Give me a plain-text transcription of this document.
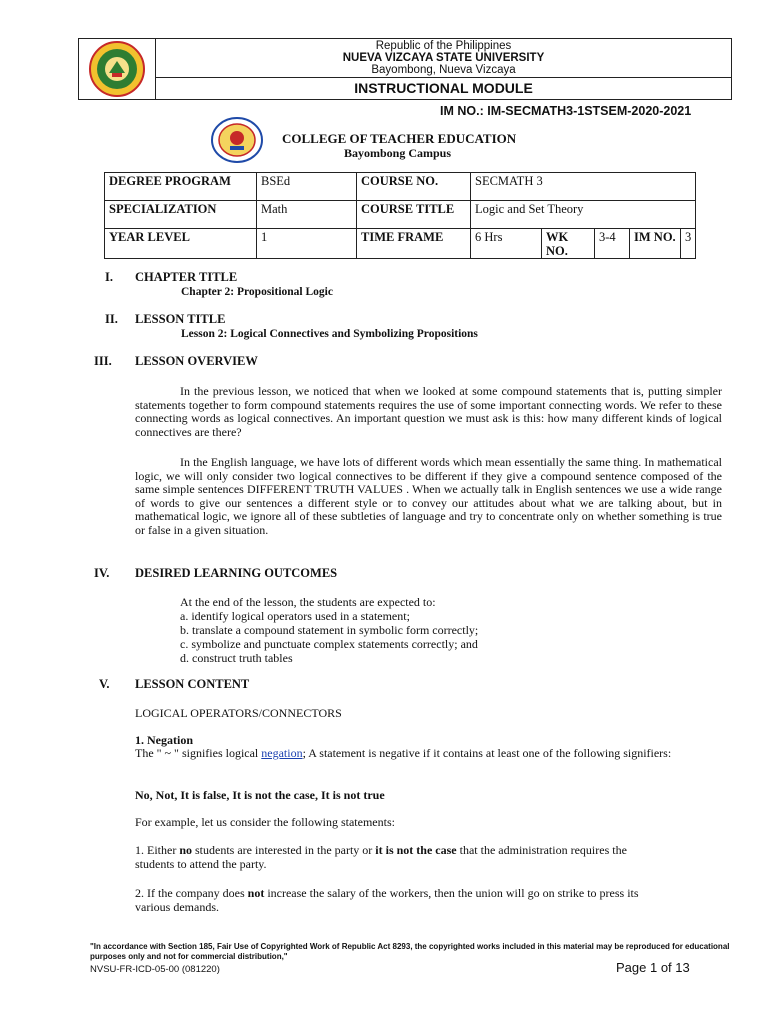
Republic of the Philippines
NUEVA VIZCAYA STATE UNIVERSITY
Bayombong, Nueva Vizcaya
INSTRUCTIONAL MODULE
IM NO.: IM-SECMATH3-1STSEM-2020-2021
COLLEGE OF TEACHER EDUCATION
Bayombong Campus
DEGREE PROGRAM	BSEd	COURSE NO.	SECMATH 3				
SPECIALIZATION	Math	COURSE TITLE	Logic and Set Theory				
YEAR LEVEL	1	TIME FRAME	6 Hrs	WK NO.	3-4	IM NO.	3
I. CHAPTER TITLE
Chapter 2: Propositional Logic
II. LESSON TITLE
Lesson 2: Logical Connectives and Symbolizing Propositions
III. LESSON OVERVIEW
In the previous lesson, we noticed that when we looked at some compound statements that is, putting simpler statements together to form compound statements requires the use of some important connecting words. We refer to these connecting words as logical connectives. An important question we must ask is this: how many different kinds of logical connectives are there?
In the English language, we have lots of different words which mean essentially the same thing. In mathematical logic, we will only consider two logical connectives to be different if they give a compound sentence composed of the same simple sentences DIFFERENT TRUTH VALUES . When we actually talk in English sentences we use a wide range of words to give our sentences a different style or to convey our attitudes about what we are talking about, but in mathematical logic, we ignore all of these subtleties of language and try to concentrate only on whether something is true or false in a given situation.
IV. DESIRED LEARNING OUTCOMES
At the end of the lesson, the students are expected to:
a. identify logical operators used in a statement;
b. translate a compound statement in symbolic form correctly;
c. symbolize and punctuate complex statements correctly; and
d. construct truth tables
V. LESSON CONTENT
LOGICAL OPERATORS/CONNECTORS
1. Negation
The " ~ " signifies logical negation; A statement is negative if it contains at least one of the following signifiers:
No, Not, It is false, It is not the case, It is not true
For example, let us consider the following statements:
1. Either no students are interested in the party or it is not the case that the administration requires the
students to attend the party.
2. If the company does not increase the salary of the workers, then the union will go on strike to press its
various demands.
"In accordance with Section 185, Fair Use of Copyrighted Work of Republic Act 8293, the copyrighted works included in this material may be reproduced for educational purposes only and not for commercial distribution,"
NVSU-FR-ICD-05-00 (081220)	Page 1 of 13
